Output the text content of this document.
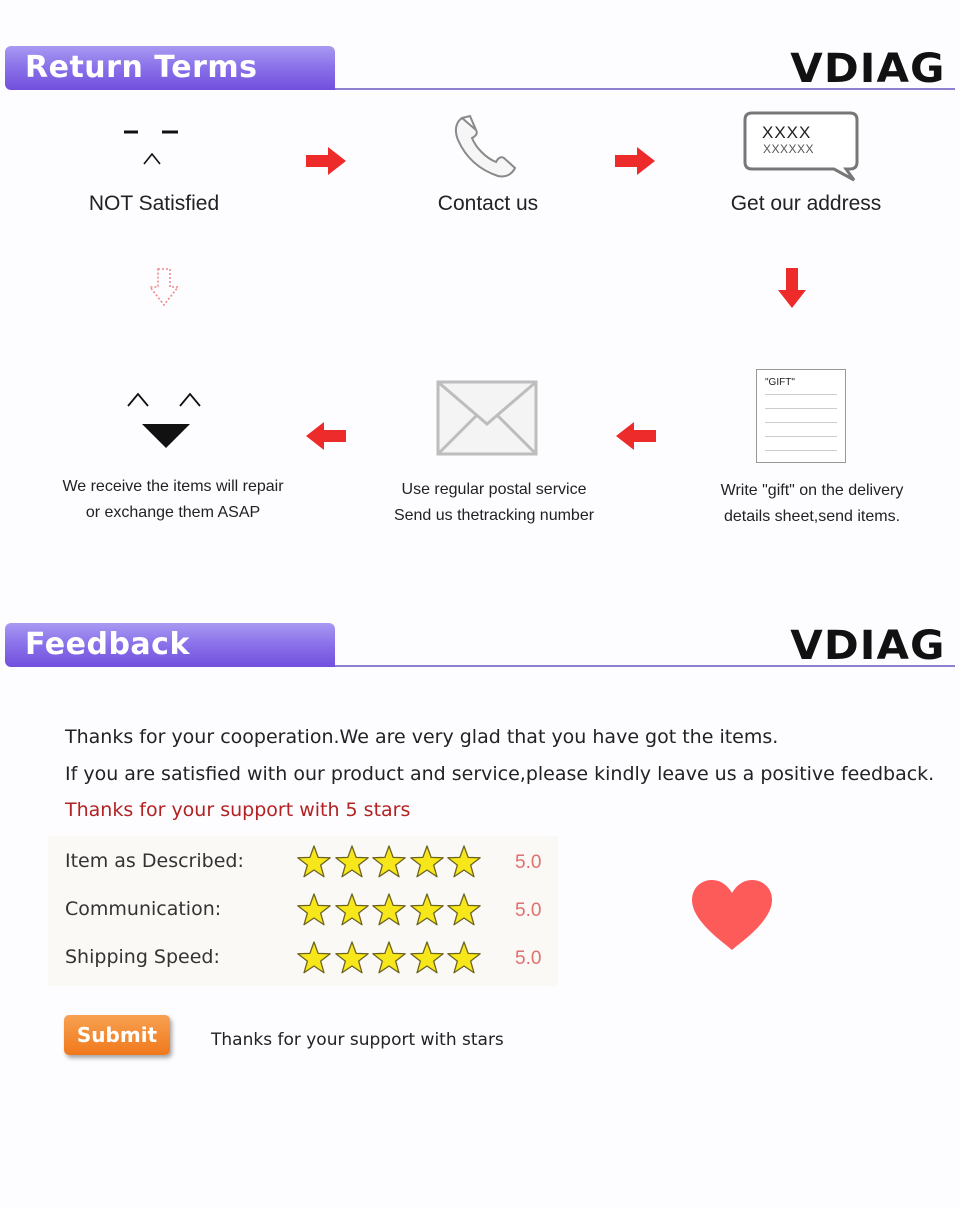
Return Terms	VDIAG
NOT Satisfied	Contact us
XXXX
XXXXXX
Get our address
We receive the items will repair
or exchange them ASAP
Use regular postal service
Send us thetracking number
"GIFT"
Write "gift" on the delivery
details sheet,send items.
Feedback	VDIAG
Thanks for your cooperation.We are very glad that you have got the items.
If you are satisfied with our product and service,please kindly leave us a positive feedback.
Thanks for your support with 5 stars
Item as Described:	5.0
Communication:	5.0
Shipping Speed:	5.0
Submit	Thanks for your support with stars
